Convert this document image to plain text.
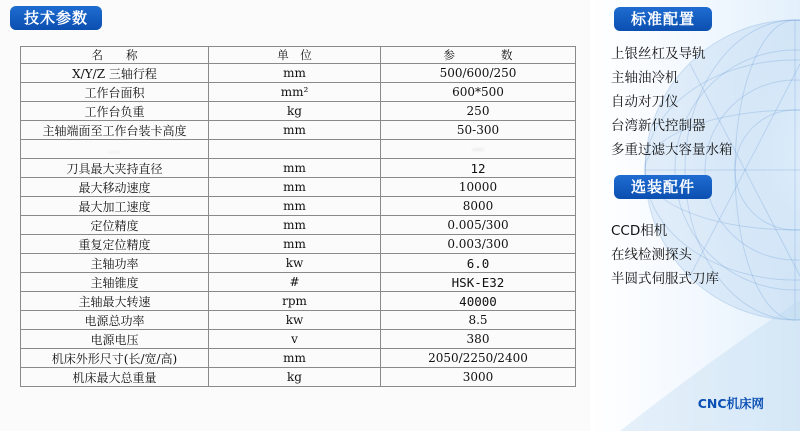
技术参数
名　　称	单　位	参　　　　数
X/Y/Z 三轴行程	mm	500/600/250
工作台面积	mm²	600*500
工作台负重	kg	250
主轴端面至工作台装卡高度	mm	50-300
…		—
刀具最大夹持直径	mm	12
最大移动速度	mm	10000
最大加工速度	mm	8000
定位精度	mm	0.005/300
重复定位精度	mm	0.003/300
主轴功率	kw	6.0
主轴锥度	#	HSK-E32
主轴最大转速	rpm	40000
电源总功率	kw	8.5
电源电压	v	380
机床外形尺寸(长/宽/高)	mm	2050/2250/2400
机床最大总重量	kg	3000
标准配置
上银丝杠及导轨
主轴油冷机
自动对刀仪
台湾新代控制器
多重过滤大容量水箱
选装配件
CCD相机
在线检测探头
半圆式伺服式刀库
CNC机床网
